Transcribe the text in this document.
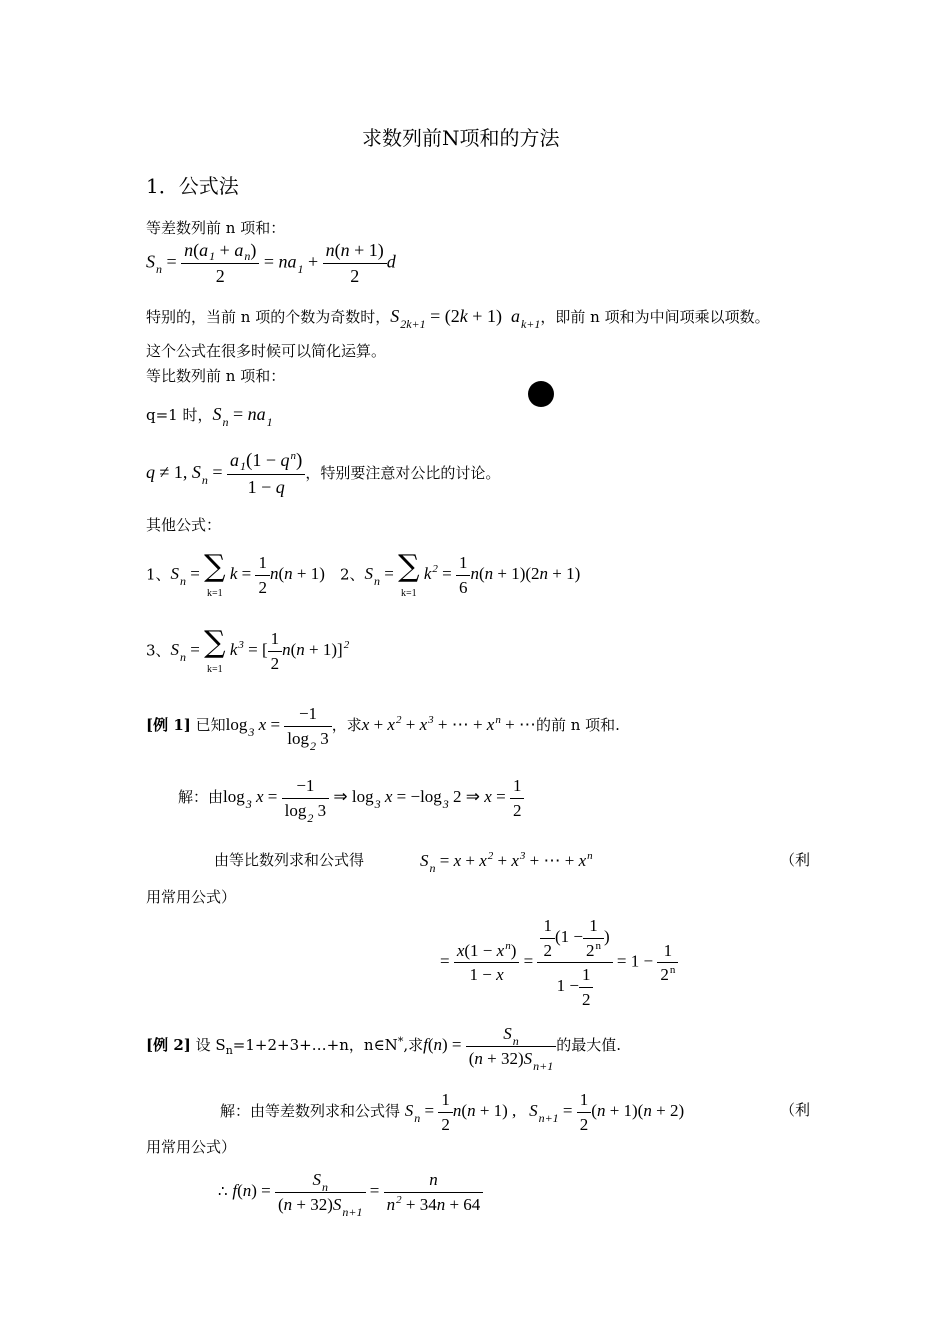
求数列前N项和的方法
1．公式法
等差数列前 n 项和：
$S_n = \frac{n(a_1 + a_n)}{2} = na_1 + \frac{n(n + 1)}{2}$ d
特别的，当前 n 项的个数为奇数时，$S_{2k+1} = (2k + 1)$  $a_{k+1}$，即前 n 项和为中间项乘以项数。
这个公式在很多时候可以简化运算。
等比数列前 n 项和：
q=1 时，$S_n = na_1$
q ≠ 1, $S_n = \frac{a_1(1 - q^n)}{1 - q}$ ，特别要注意对公比的讨论。
其他公式：
1、$S_n$ = ∑
k=1 $k = \frac{1}{2} n(n + 1)$ 2、$S_n$ = ∑
k=1 $k^2 = \frac{1}{6} n(n + 1)(2n + 1)$
3、$S_n$ = ∑
k=1 $k^3$ = [ $\frac{1}{2} n(n + 1)]^2$
[例 1] 已知$\log_3 x = \frac{-1}{\log_2 3}$ ，求$x + x^2 + x^3$ + ⋯ + $x^n$ + ⋯的前 n 项和.
解：由$\log_3 x = \frac{-1}{\log_2 3}$ ⇒ $\log_3 x = -\log_3$ 2 ⇒ $x = \frac{1}{2}$
由等比数列求和公式得	$S_n = x + x^2 + x^3$ + ⋯ + $x^n$	（利
用常用公式）
= $\frac{x(1 - x^n)}{1 - x} = \frac{\frac{1}{2} (1 - \frac{1}{2^n} )}{1 - \frac{1}{2}} = 1 - \frac{1}{2^n}$
[例 2] 设 $S_n=1+2+3+\dots+n$，n∈N*,求$f(n) = \frac{S_n}{(n + 32)S_{n+1}}$ 的最大值.
解：由等差数列求和公式得 $S_n = \frac{1}{2} n(n + 1)$ ,   $S_{n+1} = \frac{1}{2} (n + 1)(n + 2)$	（利
用常用公式）
∴ $f(n) = \frac{S_n}{(n + 32)S_{n+1}} = \frac{n}{n^2 + 34n + 64}$
